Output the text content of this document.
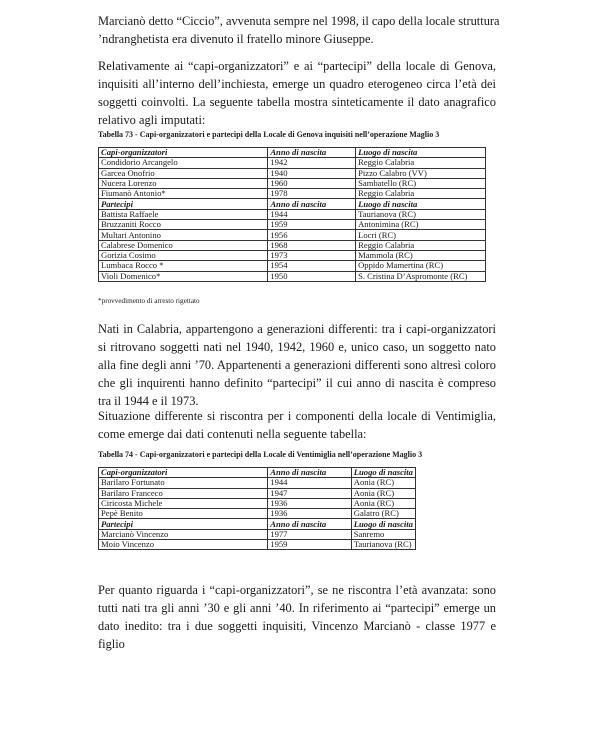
Marcianò detto “Ciccio”, avvenuta sempre nel 1998, il capo della locale struttura

’ndranghetista era divenuto il fratello minore Giuseppe.

Relativamente ai “capi-organizzatori” e ai “partecipi” della locale di Genova, inquisiti all’interno dell’inchiesta, emerge un quadro eterogeneo circa l’età dei soggetti coinvolti. La seguente tabella mostra sinteticamente il dato anagrafico relativo agli imputati:

Tabella 73 - Capi-organizzatori e partecipi della Locale di Genova inquisiti nell’operazione Maglio 3

Capi-organizzatori	Anno di nascita	Luogo di nascita
Condidorio Arcangelo	1942	Reggio Calabria
Garcea Onofrio	1940	Pizzo Calabro (VV)
Nucera Lorenzo	1960	Sambatello (RC)
Fiumanò Antonio*	1978	Reggio Calabria
Partecipi	Anno di nascita	Luogo di nascita
Battista Raffaele	1944	Taurianova (RC)
Bruzzaniti Rocco	1959	Antonimina (RC)
Multari Antonino	1956	Locri (RC)
Calabrese Domenico	1968	Reggio Calabria
Gorizia Cosimo	1973	Mammola (RC)
Lumbaca Rocco *	1954	Oppido Mamertina (RC)
Violi Domenico*	1950	S. Cristina D’Aspromonte (RC)

*provvedimento di arresto rigettato

Nati in Calabria, appartengono a generazioni differenti: tra i capi-organizzatori si ritrovano soggetti nati nel 1940, 1942, 1960 e, unico caso, un soggetto nato alla fine degli anni ’70. Appartenenti a generazioni differenti sono altresì coloro che gli inquirenti hanno definito “partecipi” il cui anno di nascita è compreso tra il 1944 e il 1973.

Situazione differente si riscontra per i componenti della locale di Ventimiglia, come emerge dai dati contenuti nella seguente tabella:

Tabella 74 - Capi-organizzatori e partecipi della Locale di Ventimiglia nell’operazione Maglio 3

Capi-organizzatori	Anno di nascita	Luogo di nascita
Barilaro Fortunato	1944	Aonia (RC)
Barilaro Franceco	1947	Aonia (RC)
Ciricosta Michele	1936	Aonia (RC)
Pepè Benito	1936	Galatro (RC)
Partecipi	Anno di nascita	Luogo di nascita
Marcianò Vincenzo	1977	Sanremo
Moio Vincenzo	1959	Taurianova (RC)

Per quanto riguarda i “capi-organizzatori”, se ne riscontra l’età avanzata: sono tutti nati tra gli anni ’30 e gli anni ’40. In riferimento ai “partecipi” emerge un dato inedito: tra i due soggetti inquisiti, Vincenzo Marcianò - classe 1977 e figlio
